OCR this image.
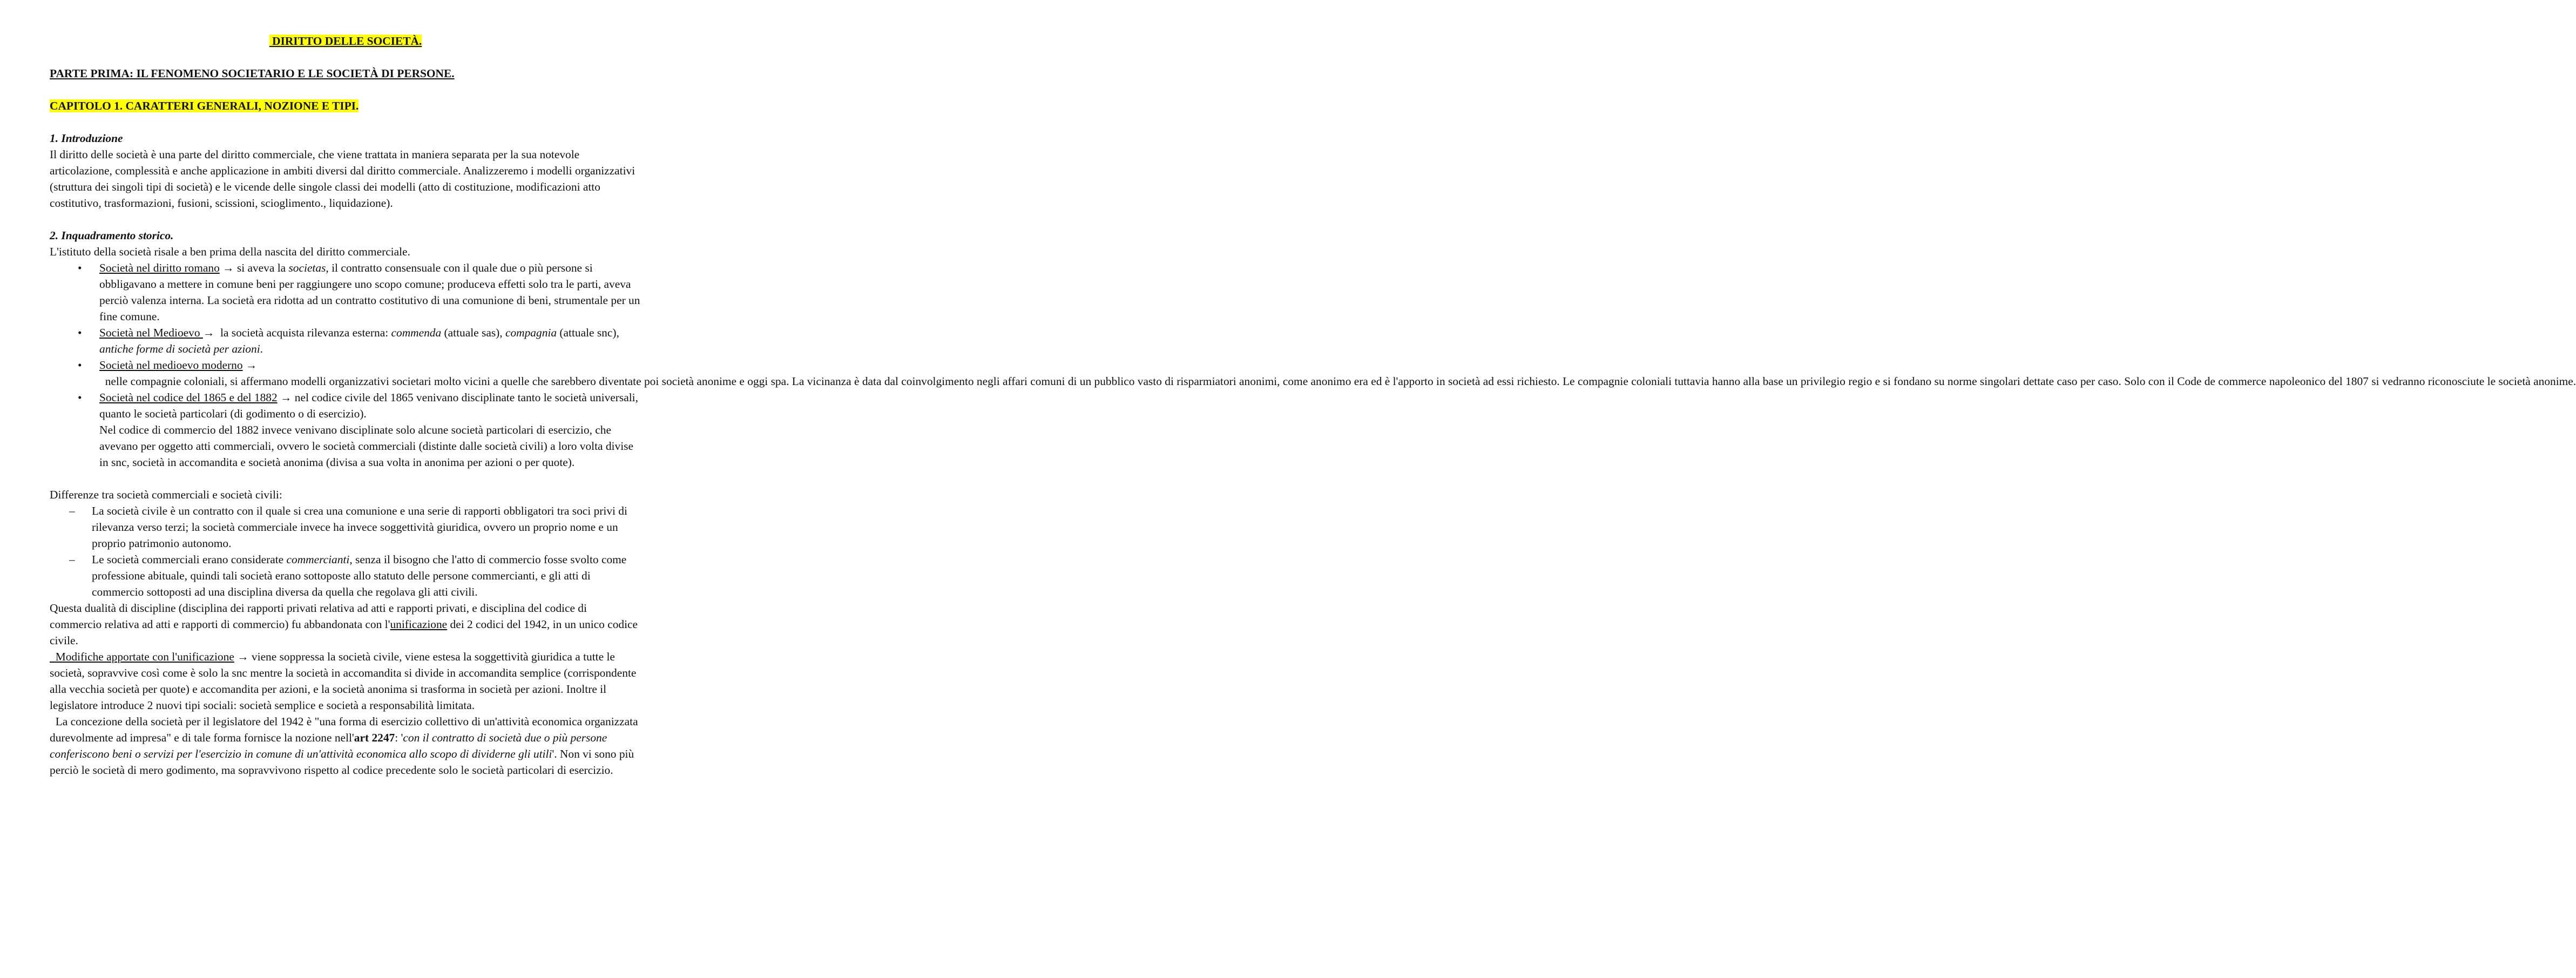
DIRITTO DELLE SOCIETÀ.

PARTE PRIMA: IL FENOMENO SOCIETARIO E LE SOCIETÀ DI PERSONE.

CAPITOLO 1. CARATTERI GENERALI, NOZIONE E TIPI.

1. Introduzione

Il diritto delle società è una parte del diritto commerciale, che viene trattata in maniera separata per la sua notevole articolazione, complessità e anche applicazione in ambiti diversi dal diritto commerciale. Analizzeremo i modelli organizzativi (struttura dei singoli tipi di società) e le vicende delle singole classi dei modelli (atto di costituzione, modificazioni atto costitutivo, trasformazioni, fusioni, scissioni, scioglimento., liquidazione).

2. Inquadramento storico.

L'istituto della società risale a ben prima della nascita del diritto commerciale.

• Società nel diritto romano → si aveva la societas, il contratto consensuale con il quale due o più persone si obbligavano a mettere in comune beni per raggiungere uno scopo comune; produceva effetti solo tra le parti, aveva perciò valenza interna. La società era ridotta ad un contratto costitutivo di una comunione di beni, strumentale per un fine comune.
• Società nel Medioevo →  la società acquista rilevanza esterna: commenda (attuale sas), compagnia (attuale snc), antiche forme di società per azioni.
• Società nel medioevo moderno →  nelle compagnie coloniali, si affermano modelli organizzativi societari molto vicini a quelle che sarebbero diventate poi società anonime e oggi spa. La vicinanza è data dal coinvolgimento negli affari comuni di un pubblico vasto di risparmiatori anonimi, come anonimo era ed è l'apporto in società ad essi richiesto. Le compagnie coloniali tuttavia hanno alla base un privilegio regio e si fondano su norme singolari dettate caso per caso. Solo con il Code de commerce napoleonico del 1807 si vedranno riconosciute le società anonime.
• Società nel codice del 1865 e del 1882 → nel codice civile del 1865 venivano disciplinate tanto le società universali, quanto le società particolari (di godimento o di esercizio).
Nel codice di commercio del 1882 invece venivano disciplinate solo alcune società particolari di esercizio, che avevano per oggetto atti commerciali, ovvero le società commerciali (distinte dalle società civili) a loro volta divise in snc, società in accomandita e società anonima (divisa a sua volta in anonima per azioni o per quote).

Differenze tra società commerciali e società civili:

– La società civile è un contratto con il quale si crea una comunione e una serie di rapporti obbligatori tra soci privi di rilevanza verso terzi; la società commerciale invece ha invece soggettività giuridica, ovvero un proprio nome e un proprio patrimonio autonomo.
– Le società commerciali erano considerate commercianti, senza il bisogno che l'atto di commercio fosse svolto come professione abituale, quindi tali società erano sottoposte allo statuto delle persone commercianti, e gli atti di commercio sottoposti ad una disciplina diversa da quella che regolava gli atti civili.

Questa dualità di discipline (disciplina dei rapporti privati relativa ad atti e rapporti privati, e disciplina del codice di commercio relativa ad atti e rapporti di commercio) fu abbandonata con l'unificazione dei 2 codici del 1942, in un unico codice civile.

Modifiche apportate con l'unificazione → viene soppressa la società civile, viene estesa la soggettività giuridica a tutte le società, sopravvive così come è solo la snc mentre la società in accomandita si divide in accomandita semplice (corrispondente alla vecchia società per quote) e accomandita per azioni, e la società anonima si trasforma in società per azioni. Inoltre il legislatore introduce 2 nuovi tipi sociali: società semplice e società a responsabilità limitata.

La concezione della società per il legislatore del 1942 è "una forma di esercizio collettivo di un'attività economica organizzata durevolmente ad impresa" e di tale forma fornisce la nozione nell'art 2247: 'con il contratto di società due o più persone conferiscono beni o servizi per l'esercizio in comune di un'attività economica allo scopo di dividerne gli utili'. Non vi sono più perciò le società di mero godimento, ma sopravvivono rispetto al codice precedente solo le società particolari di esercizio.
